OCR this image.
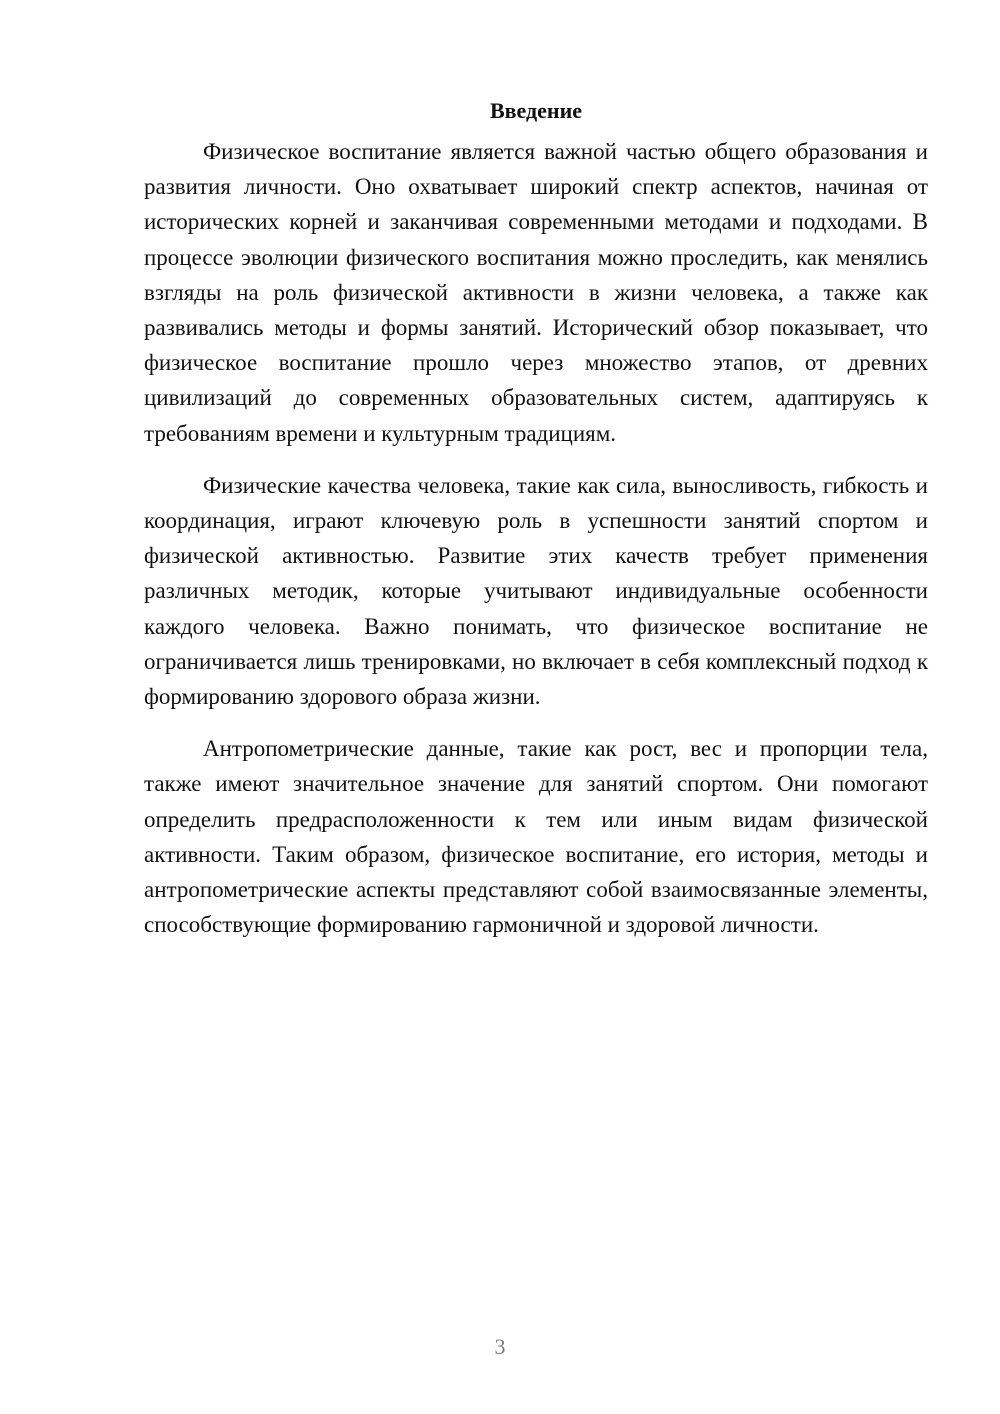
Введение

Физическое воспитание является важной частью общего образования и развития личности. Оно охватывает широкий спектр аспектов, начиная от исторических корней и заканчивая современными методами и подходами. В процессе эволюции физического воспитания можно проследить, как менялись взгляды на роль физической активности в жизни человека, а также как развивались методы и формы занятий. Исторический обзор показывает, что физическое воспитание прошло через множество этапов, от древних цивилизаций до современных образовательных систем, адаптируясь к требованиям времени и культурным традициям.

Физические качества человека, такие как сила, выносливость, гибкость и координация, играют ключевую роль в успешности занятий спортом и физической активностью. Развитие этих качеств требует применения различных методик, которые учитывают индивидуальные особенности каждого человека. Важно понимать, что физическое воспитание не ограничивается лишь тренировками, но включает в себя комплексный подход к формированию здорового образа жизни.

Антропометрические данные, такие как рост, вес и пропорции тела, также имеют значительное значение для занятий спортом. Они помогают определить предрасположенности к тем или иным видам физической активности. Таким образом, физическое воспитание, его история, методы и антропометрические аспекты представляют собой взаимосвязанные элементы, способствующие формированию гармоничной и здоровой личности.

3
